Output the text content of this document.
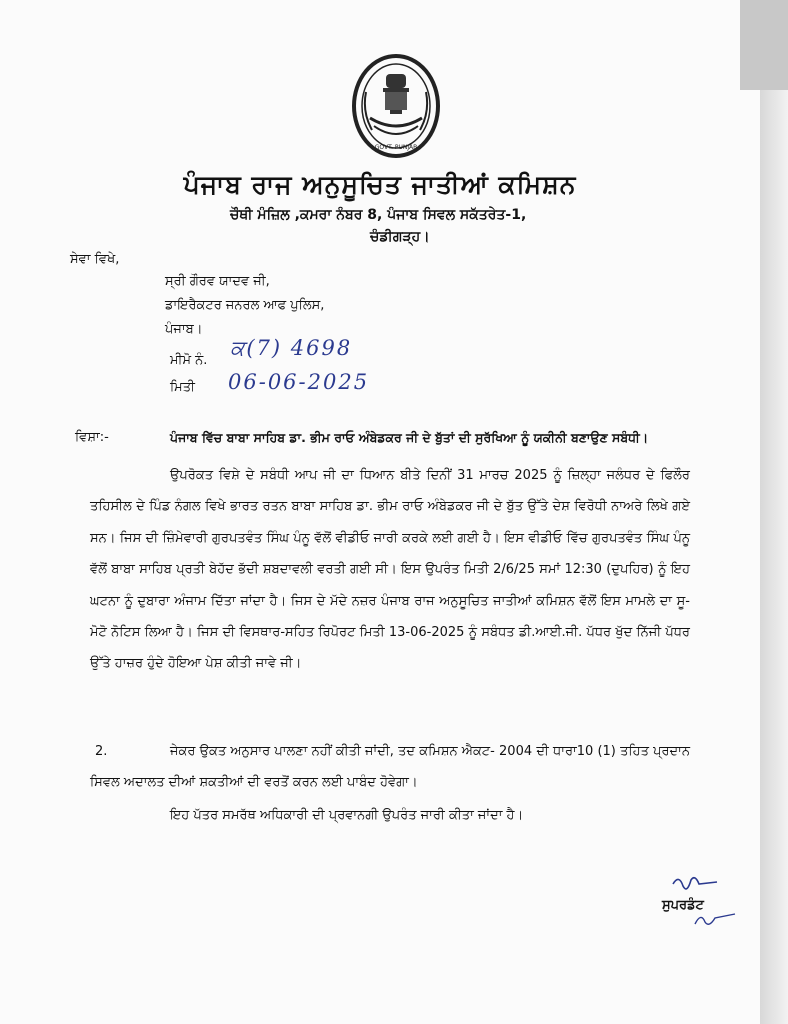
GOVT. PUNJAB
ਪੰਜਾਬ ਰਾਜ ਅਨੁਸੂਚਿਤ ਜਾਤੀਆਂ ਕਮਿਸ਼ਨ
ਚੌਥੀ ਮੰਜ਼ਿਲ ,ਕਮਰਾ ਨੰਬਰ 8, ਪੰਜਾਬ ਸਿਵਲ ਸਕੱਤਰੇਤ-1,
ਚੰਡੀਗੜ੍ਹ।
ਸੇਵਾ ਵਿਖੇ,
ਸ੍ਰੀ ਗੌਰਵ ਯਾਦਵ ਜੀ,
ਡਾਇਰੈਕਟਰ ਜਨਰਲ ਆਫ ਪੁਲਿਸ,
ਪੰਜਾਬ।
ਮੀਮੋ ਨੰ.
ਕ(7) 4698
ਮਿਤੀ 06-06-2025
ਵਿਸ਼ਾ:-	ਪੰਜਾਬ ਵਿੱਚ ਬਾਬਾ ਸਾਹਿਬ ਡਾ. ਭੀਮ ਰਾਓ ਅੰਬੇਡਕਰ ਜੀ ਦੇ ਬੁੱਤਾਂ ਦੀ ਸੁਰੱਖਿਆ ਨੂੰ ਯਕੀਨੀ ਬਣਾਉਣ ਸਬੰਧੀ।
ਉਪਰੋਕਤ ਵਿਸ਼ੇ ਦੇ ਸਬੰਧੀ ਆਪ ਜੀ ਦਾ ਧਿਆਨ ਬੀਤੇ ਦਿਨੀਂ 31 ਮਾਰਚ 2025 ਨੂੰ ਜ਼ਿਲ੍ਹਾ ਜਲੰਧਰ ਦੇ ਫਿਲੌਰ ਤਹਿਸੀਲ ਦੇ ਪਿੰਡ ਨੰਗਲ ਵਿਖੇ ਭਾਰਤ ਰਤਨ ਬਾਬਾ ਸਾਹਿਬ ਡਾ. ਭੀਮ ਰਾਓ ਅੰਬੇਡਕਰ ਜੀ ਦੇ ਬੁੱਤ ਉੱਤੇ ਦੇਸ਼ ਵਿਰੋਧੀ ਨਾਅਰੇ ਲਿਖੇ ਗਏ ਸਨ। ਜਿਸ ਦੀ ਜ਼ਿੰਮੇਵਾਰੀ ਗੁਰਪਤਵੰਤ ਸਿੰਘ ਪੰਨੂ ਵੱਲੋਂ ਵੀਡੀਓ ਜਾਰੀ ਕਰਕੇ ਲਈ ਗਈ ਹੈ। ਇਸ ਵੀਡੀਓ ਵਿੱਚ ਗੁਰਪਤਵੰਤ ਸਿੰਘ ਪੰਨੂ ਵੱਲੋਂ ਬਾਬਾ ਸਾਹਿਬ ਪ੍ਰਤੀ ਬੇਹੱਦ ਭੱਦੀ ਸ਼ਬਦਾਵਲੀ ਵਰਤੀ ਗਈ ਸੀ। ਇਸ ਉਪਰੰਤ ਮਿਤੀ 2/6/25 ਸਮਾਂ 12:30 (ਦੁਪਹਿਰ) ਨੂੰ ਇਹ ਘਟਨਾ ਨੂੰ ਦੁਬਾਰਾ ਅੰਜਾਮ ਦਿੱਤਾ ਜਾਂਦਾ ਹੈ। ਜਿਸ ਦੇ ਮੱਦੇ ਨਜ਼ਰ ਪੰਜਾਬ ਰਾਜ ਅਨੁਸੂਚਿਤ ਜਾਤੀਆਂ ਕਮਿਸ਼ਨ ਵੱਲੋਂ ਇਸ ਮਾਮਲੇ ਦਾ ਸੂ-ਮੋਟੋ ਨੋਟਿਸ ਲਿਆ ਹੈ। ਜਿਸ ਦੀ ਵਿਸਥਾਰ-ਸਹਿਤ ਰਿਪੋਰਟ ਮਿਤੀ 13-06-2025 ਨੂੰ ਸਬੰਧਤ ਡੀ.ਆਈ.ਜੀ. ਪੱਧਰ ਖੁੱਦ ਨਿੱਜੀ ਪੱਧਰ ਉੱਤੇ ਹਾਜ਼ਰ ਹੁੰਦੇ ਹੋਇਆ ਪੇਸ਼ ਕੀਤੀ ਜਾਵੇ ਜੀ।
2.	ਜੇਕਰ ਉਕਤ ਅਨੁਸਾਰ ਪਾਲਣਾ ਨਹੀਂ ਕੀਤੀ ਜਾਂਦੀ, ਤਦ ਕਮਿਸ਼ਨ ਐਕਟ- 2004 ਦੀ ਧਾਰਾ10 (1) ਤਹਿਤ ਪ੍ਰਦਾਨ ਸਿਵਲ ਅਦਾਲਤ ਦੀਆਂ ਸ਼ਕਤੀਆਂ ਦੀ ਵਰਤੋਂ ਕਰਨ ਲਈ ਪਾਬੰਦ ਹੋਵੇਗਾ।
ਇਹ ਪੱਤਰ ਸਮਰੱਥ ਅਧਿਕਾਰੀ ਦੀ ਪ੍ਰਵਾਨਗੀ ਉਪਰੰਤ ਜਾਰੀ ਕੀਤਾ ਜਾਂਦਾ ਹੈ।
ਸੁਪਰਡੰਟ
